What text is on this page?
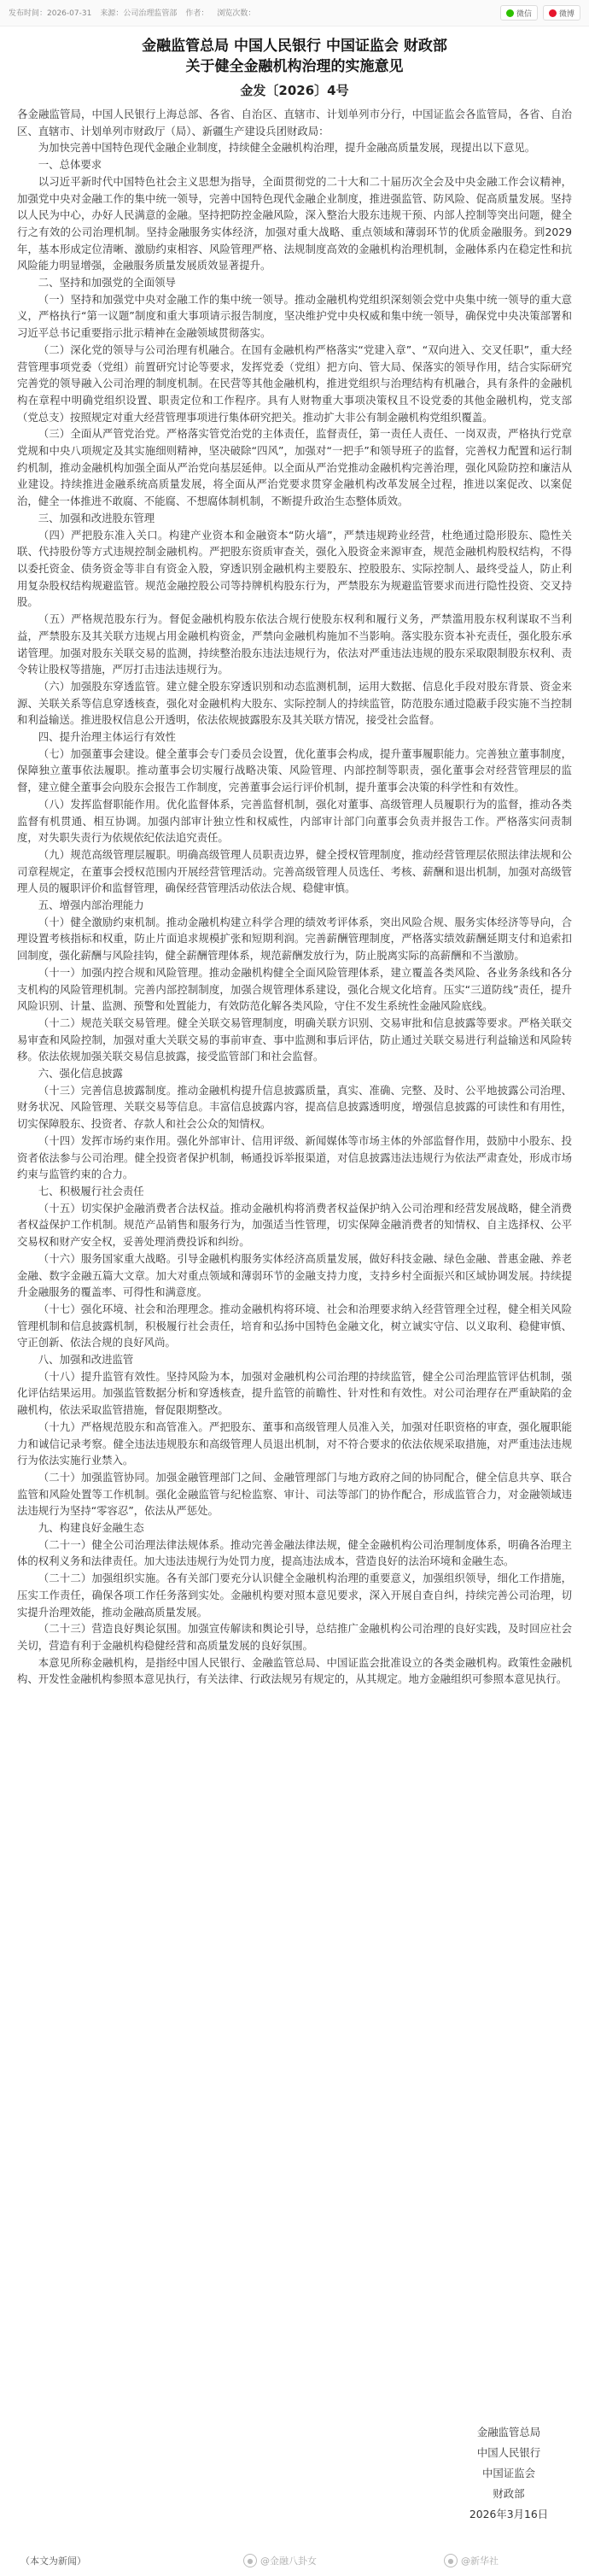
发布时间：2026-07-31 来源：公司治理监管部 作者： 浏览次数：	微信	微博
金融监管总局 中国人民银行 中国证监会 财政部
关于健全金融机构治理的实施意见
金发〔2026〕4号

各金融监管局，中国人民银行上海总部、各省、自治区、直辖市、计划单列市分行，中国证监会各监管局，各省、自治区、直辖市、计划单列市财政厅（局）、新疆生产建设兵团财政局：

为加快完善中国特色现代金融企业制度，持续健全金融机构治理，提升金融高质量发展，现提出以下意见。

一、总体要求

以习近平新时代中国特色社会主义思想为指导，全面贯彻党的二十大和二十届历次全会及中央金融工作会议精神，加强党中央对金融工作的集中统一领导，完善中国特色现代金融企业制度，推进强监管、防风险、促高质量发展。坚持以人民为中心，办好人民满意的金融。坚持把防控金融风险，深入整治大股东违规干预、内部人控制等突出问题，健全行之有效的公司治理机制。坚持金融服务实体经济，加强对重大战略、重点领域和薄弱环节的优质金融服务。到2029年，基本形成定位清晰、激励约束相容、风险管理严格、法规制度高效的金融机构治理机制，金融体系内在稳定性和抗风险能力明显增强，金融服务质量发展质效显著提升。

二、坚持和加强党的全面领导

（一）坚持和加强党中央对金融工作的集中统一领导。推动金融机构党组织深刻领会党中央集中统一领导的重大意义，严格执行“第一议题”制度和重大事项请示报告制度，坚决维护党中央权威和集中统一领导，确保党中央决策部署和习近平总书记重要指示批示精神在金融领域贯彻落实。

（二）深化党的领导与公司治理有机融合。在国有金融机构严格落实“党建入章”、“双向进入、交叉任职”，重大经营管理事项党委（党组）前置研究讨论等要求，发挥党委（党组）把方向、管大局、保落实的领导作用，结合实际研究完善党的领导融入公司治理的制度机制。在民营等其他金融机构，推进党组织与治理结构有机融合，具有条件的金融机构在章程中明确党组织设置、职责定位和工作程序。具有人财物重大事项决策权且不设党委的其他金融机构，党支部（党总支）按照规定对重大经营管理事项进行集体研究把关。推动扩大非公有制金融机构党组织覆盖。

（三）全面从严管党治党。严格落实管党治党的主体责任，监督责任，第一责任人责任、一岗双责，严格执行党章党规和中央八项规定及其实施细则精神，坚决破除“四风”，加强对“一把手”和领导班子的监督，完善权力配置和运行制约机制，推动金融机构加强全面从严治党向基层延伸。以全面从严治党推动金融机构完善治理，强化风险防控和廉洁从业建设。持续推进金融系统高质量发展，将全面从严治党要求贯穿金融机构改革发展全过程，推进以案促改、以案促治，健全一体推进不敢腐、不能腐、不想腐体制机制，不断提升政治生态整体质效。

三、加强和改进股东管理

（四）严把股东准入关口。构建产业资本和金融资本“防火墙”，严禁违规跨业经营，杜绝通过隐形股东、隐性关联、代持股份等方式违规控制金融机构。严把股东资质审查关，强化入股资金来源审查，规范金融机构股权结构，不得以委托资金、债务资金等非自有资金入股，穿透识别金融机构主要股东、控股股东、实际控制人、最终受益人，防止利用复杂股权结构规避监管。规范金融控股公司等持牌机构股东行为，严禁股东为规避监管要求而进行隐性投资、交叉持股。

（五）严格规范股东行为。督促金融机构股东依法合规行使股东权利和履行义务，严禁滥用股东权利谋取不当利益，严禁股东及其关联方违规占用金融机构资金，严禁向金融机构施加不当影响。落实股东资本补充责任，强化股东承诺管理。加强对股东关联交易的监测，持续整治股东违法违规行为，依法对严重违法违规的股东采取限制股东权利、责令转让股权等措施，严厉打击违法违规行为。

（六）加强股东穿透监管。建立健全股东穿透识别和动态监测机制，运用大数据、信息化手段对股东背景、资金来源、关联关系等信息穿透核查，强化对金融机构大股东、实际控制人的持续监管，防范股东通过隐蔽手段实施不当控制和利益输送。推进股权信息公开透明，依法依规披露股东及其关联方情况，接受社会监督。

四、提升治理主体运行有效性

（七）加强董事会建设。健全董事会专门委员会设置，优化董事会构成，提升董事履职能力。完善独立董事制度，保障独立董事依法履职。推动董事会切实履行战略决策、风险管理、内部控制等职责，强化董事会对经营管理层的监督，建立健全董事会向股东会报告工作制度，完善董事会运行评价机制，提升董事会决策的科学性和有效性。

（八）发挥监督职能作用。优化监督体系，完善监督机制，强化对董事、高级管理人员履职行为的监督，推动各类监督有机贯通、相互协调。加强内部审计独立性和权威性，内部审计部门向董事会负责并报告工作。严格落实问责制度，对失职失责行为依规依纪依法追究责任。

（九）规范高级管理层履职。明确高级管理人员职责边界，健全授权管理制度，推动经营管理层依照法律法规和公司章程规定，在董事会授权范围内开展经营管理活动。完善高级管理人员选任、考核、薪酬和退出机制，加强对高级管理人员的履职评价和监督管理，确保经营管理活动依法合规、稳健审慎。

五、增强内部治理能力

（十）健全激励约束机制。推动金融机构建立科学合理的绩效考评体系，突出风险合规、服务实体经济等导向，合理设置考核指标和权重，防止片面追求规模扩张和短期利润。完善薪酬管理制度，严格落实绩效薪酬延期支付和追索扣回制度，强化薪酬与风险挂钩，健全薪酬管理体系，规范薪酬发放行为，防止脱离实际的高薪酬和不当激励。

（十一）加强内控合规和风险管理。推动金融机构健全全面风险管理体系，建立覆盖各类风险、各业务条线和各分支机构的风险管理机制。完善内部控制制度，加强合规管理体系建设，强化合规文化培育。压实“三道防线”责任，提升风险识别、计量、监测、预警和处置能力，有效防范化解各类风险，守住不发生系统性金融风险底线。

（十二）规范关联交易管理。健全关联交易管理制度，明确关联方识别、交易审批和信息披露等要求。严格关联交易审查和风险控制，加强对重大关联交易的事前审查、事中监测和事后评估，防止通过关联交易进行利益输送和风险转移。依法依规加强关联交易信息披露，接受监管部门和社会监督。

六、强化信息披露

（十三）完善信息披露制度。推动金融机构提升信息披露质量，真实、准确、完整、及时、公平地披露公司治理、财务状况、风险管理、关联交易等信息。丰富信息披露内容，提高信息披露透明度，增强信息披露的可读性和有用性，切实保障股东、投资者、存款人和社会公众的知情权。

（十四）发挥市场约束作用。强化外部审计、信用评级、新闻媒体等市场主体的外部监督作用，鼓励中小股东、投资者依法参与公司治理。健全投资者保护机制，畅通投诉举报渠道，对信息披露违法违规行为依法严肃查处，形成市场约束与监管约束的合力。

七、积极履行社会责任

（十五）切实保护金融消费者合法权益。推动金融机构将消费者权益保护纳入公司治理和经营发展战略，健全消费者权益保护工作机制。规范产品销售和服务行为，加强适当性管理，切实保障金融消费者的知情权、自主选择权、公平交易权和财产安全权，妥善处理消费投诉和纠纷。

（十六）服务国家重大战略。引导金融机构服务实体经济高质量发展，做好科技金融、绿色金融、普惠金融、养老金融、数字金融五篇大文章。加大对重点领域和薄弱环节的金融支持力度，支持乡村全面振兴和区域协调发展。持续提升金融服务的覆盖率、可得性和满意度。

（十七）强化环境、社会和治理理念。推动金融机构将环境、社会和治理要求纳入经营管理全过程，健全相关风险管理机制和信息披露机制，积极履行社会责任，培育和弘扬中国特色金融文化，树立诚实守信、以义取利、稳健审慎、守正创新、依法合规的良好风尚。

八、加强和改进监管

（十八）提升监管有效性。坚持风险为本，加强对金融机构公司治理的持续监管，健全公司治理监管评估机制，强化评估结果运用。加强监管数据分析和穿透核查，提升监管的前瞻性、针对性和有效性。对公司治理存在严重缺陷的金融机构，依法采取监管措施，督促限期整改。

（十九）严格规范股东和高管准入。严把股东、董事和高级管理人员准入关，加强对任职资格的审查，强化履职能力和诚信记录考察。健全违法违规股东和高级管理人员退出机制，对不符合要求的依法依规采取措施，对严重违法违规行为依法实施行业禁入。

（二十）加强监管协同。加强金融管理部门之间、金融管理部门与地方政府之间的协同配合，健全信息共享、联合监管和风险处置等工作机制。强化金融监管与纪检监察、审计、司法等部门的协作配合，形成监管合力，对金融领域违法违规行为坚持“零容忍”，依法从严惩处。

九、构建良好金融生态

（二十一）健全公司治理法律法规体系。推动完善金融法律法规，健全金融机构公司治理制度体系，明确各治理主体的权利义务和法律责任。加大违法违规行为处罚力度，提高违法成本，营造良好的法治环境和金融生态。

（二十二）加强组织实施。各有关部门要充分认识健全金融机构治理的重要意义，加强组织领导，细化工作措施，压实工作责任，确保各项工作任务落到实处。金融机构要对照本意见要求，深入开展自查自纠，持续完善公司治理，切实提升治理效能，推动金融高质量发展。

（二十三）营造良好舆论氛围。加强宣传解读和舆论引导，总结推广金融机构公司治理的良好实践，及时回应社会关切，营造有利于金融机构稳健经营和高质量发展的良好氛围。

本意见所称金融机构，是指经中国人民银行、金融监管总局、中国证监会批准设立的各类金融机构。政策性金融机构、开发性金融机构参照本意见执行，有关法律、行政法规另有规定的，从其规定。地方金融组织可参照本意见执行。

金融监管总局
中国人民银行
中国证监会
财政部
2026年3月16日
（本文为新闻）	● @金融八卦女	● @新华社
